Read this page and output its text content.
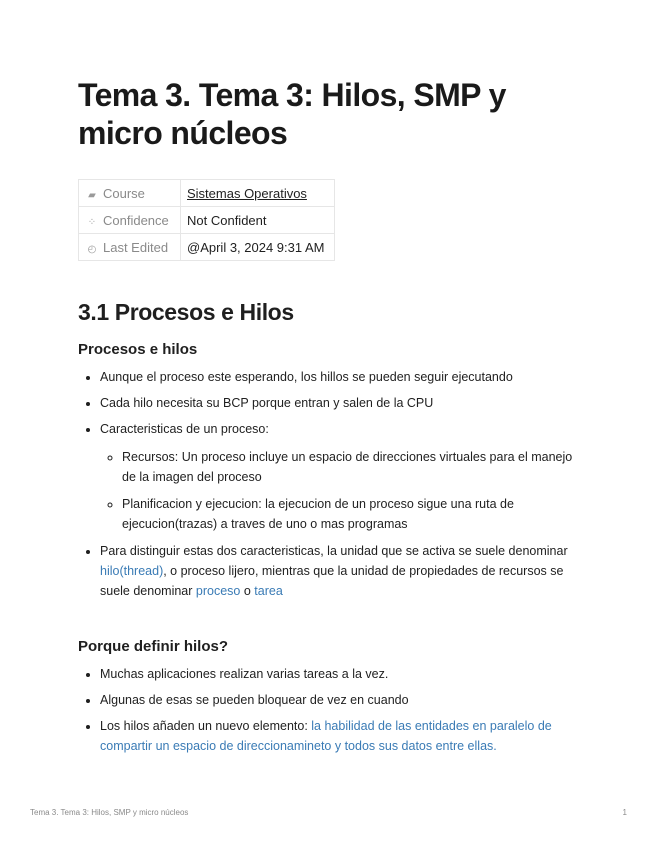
Tema 3. Tema 3: Hilos, SMP y micro núcleos
▰ Course	Sistemas Operativos
⁘ Confidence	Not Confident
◴ Last Edited	@April 3, 2024 9:31 AM
3.1 Procesos e Hilos
Procesos e hilos
• Aunque el proceso este esperando, los hillos se pueden seguir ejecutando
• Cada hilo necesita su BCP porque entran y salen de la CPU
• Caracteristicas de un proceso:
◦ Recursos: Un proceso incluye un espacio de direcciones virtuales para el manejo de la imagen del proceso
◦ Planificacion y ejecucion: la ejecucion de un proceso sigue una ruta de ejecucion(trazas) a traves de uno o mas programas
• Para distinguir estas dos caracteristicas, la unidad que se activa se suele denominar hilo(thread), o proceso lijero, mientras que la unidad de propiedades de recursos se suele denominar proceso o tarea
Porque definir hilos?
• Muchas aplicaciones realizan varias tareas a la vez.
• Algunas de esas se pueden bloquear de vez en cuando
• Los hilos añaden un nuevo elemento: la habilidad de las entidades en paralelo de compartir un espacio de direccionamineto y todos sus datos entre ellas.
Tema 3. Tema 3: Hilos, SMP y micro núcleos	1
